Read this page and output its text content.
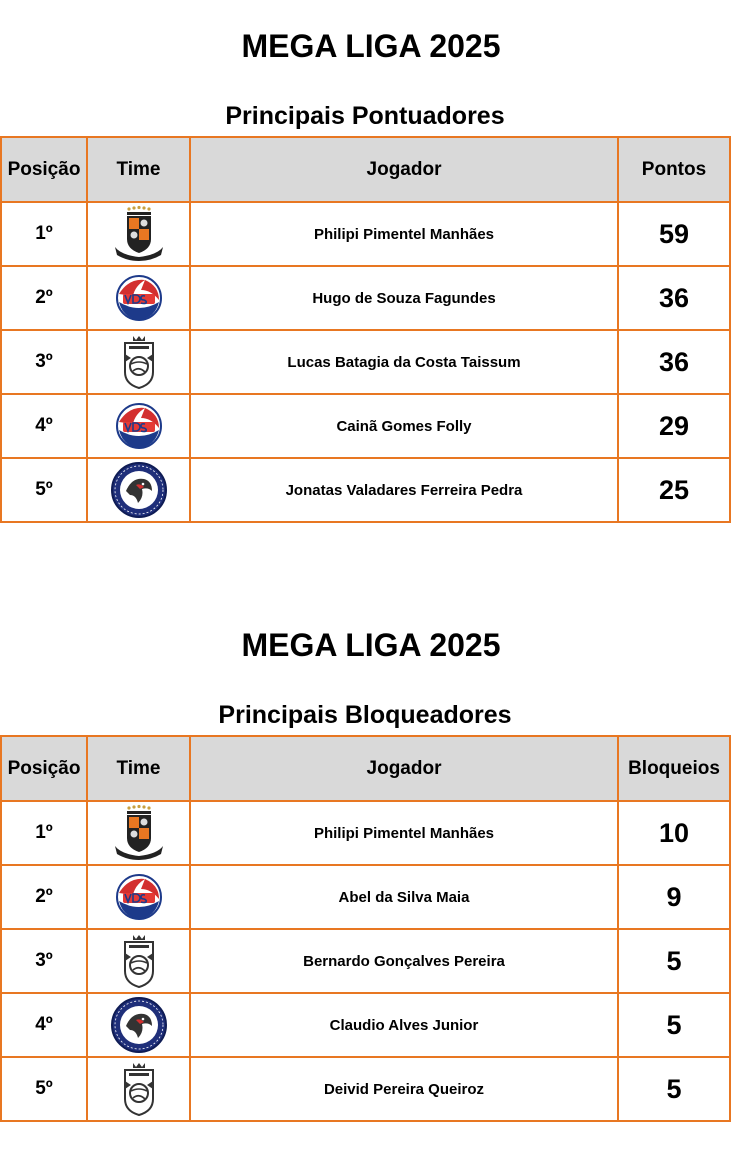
MEGA LIGA 2025
Principais Pontuadores
Posição	Time	Jogador	Pontos
1º		Philipi Pimentel Manhães	59
2º		Hugo de Souza Fagundes	36
3º		Lucas Batagia da Costa Taissum	36
4º		Cainã Gomes Folly	29
5º		Jonatas Valadares Ferreira Pedra	25
MEGA LIGA 2025
Principais Bloqueadores
Posição	Time	Jogador	Bloqueios
1º		Philipi Pimentel Manhães	10
2º		Abel da Silva Maia	9
3º		Bernardo Gonçalves Pereira	5
4º		Claudio Alves Junior	5
5º		Deivid Pereira Queiroz	5
